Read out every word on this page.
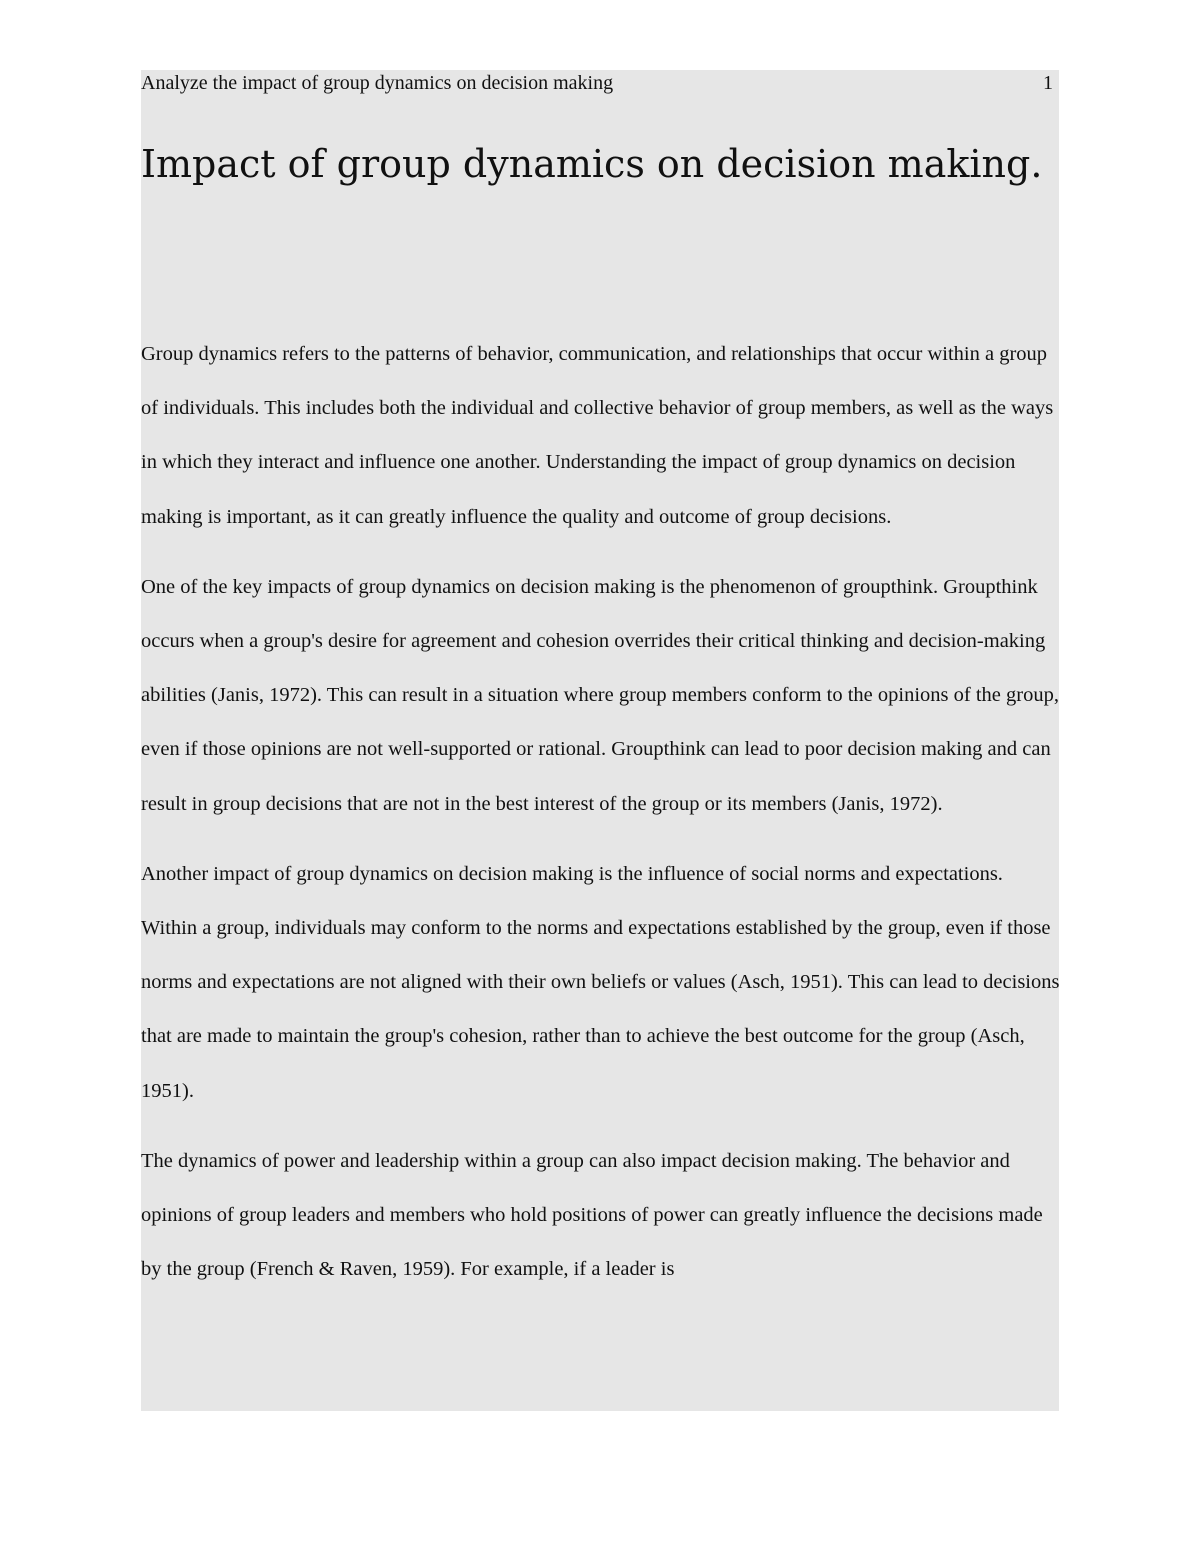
Analyze the impact of group dynamics on decision making	1
Impact of group dynamics on decision making.

Group dynamics refers to the patterns of behavior, communication, and relationships that occur within a group of individuals. This includes both the individual and collective behavior of group members, as well as the ways in which they interact and influence one another. Understanding the impact of group dynamics on decision making is important, as it can greatly influence the quality and outcome of group decisions.

One of the key impacts of group dynamics on decision making is the phenomenon of groupthink. Groupthink occurs when a group's desire for agreement and cohesion overrides their critical thinking and decision-making abilities (Janis, 1972). This can result in a situation where group members conform to the opinions of the group, even if those opinions are not well-supported or rational. Groupthink can lead to poor decision making and can result in group decisions that are not in the best interest of the group or its members (Janis, 1972).

Another impact of group dynamics on decision making is the influence of social norms and expectations. Within a group, individuals may conform to the norms and expectations established by the group, even if those norms and expectations are not aligned with their own beliefs or values (Asch, 1951). This can lead to decisions that are made to maintain the group's cohesion, rather than to achieve the best outcome for the group (Asch, 1951).

The dynamics of power and leadership within a group can also impact decision making. The behavior and opinions of group leaders and members who hold positions of power can greatly influence the decisions made by the group (French & Raven, 1959). For example, if a leader is
